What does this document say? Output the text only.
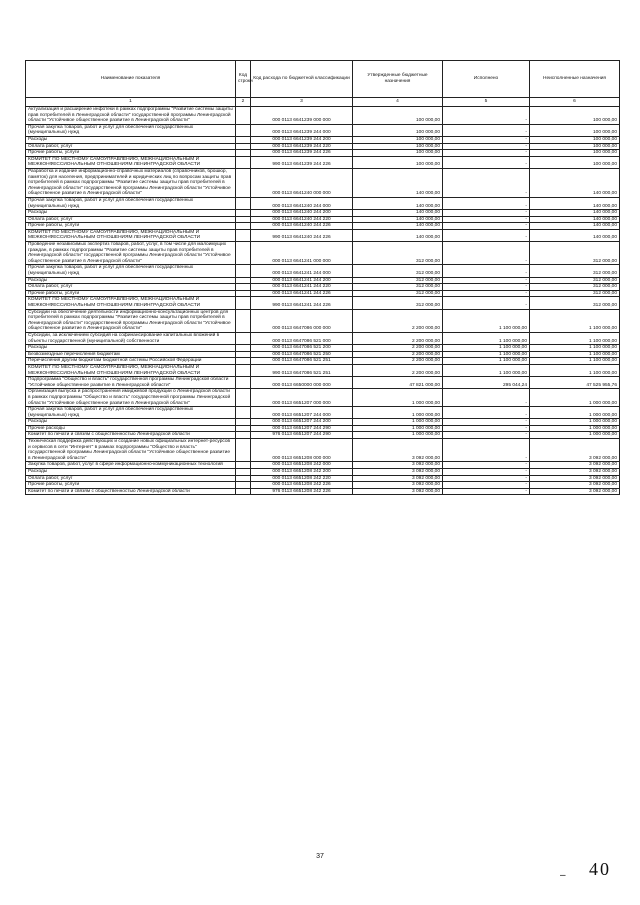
Наименование показателя	Код строки	Код расхода по бюджетной классификации	Утвержденные бюджетные назначения	Исполнено	Неисполненные назначения
1	2	3	4	5	6
Актуализация и расширение инфотеки в рамках подпрограммы "Развитие системы защиты прав потребителей в Ленинградской области" государственной программы Ленинградской области "Устойчивое общественное развитие в Ленинградской области"		000 0113 6641239 000 000	100 000,00	-	100 000,00
Прочая закупка товаров, работ и услуг для обеспечения государственных (муниципальных) нужд		000 0113 6641239 244 000	100 000,00	-	100 000,00
Расходы		000 0113 6641239 244 200	100 000,00	-	100 000,00
Оплата работ, услуг		000 0113 6641239 244 220	100 000,00	-	100 000,00
Прочие работы, услуги		000 0113 6641239 244 226	100 000,00	-	100 000,00
КОМИТЕТ ПО МЕСТНОМУ САМОУПРАВЛЕНИЮ, МЕЖНАЦИОНАЛЬНЫМ И МЕЖКОНФЕССИОНАЛЬНЫМ ОТНОШЕНИЯМ ЛЕНИНГРАДСКОЙ ОБЛАСТИ		990 0113 6641239 244 226	100 000,00	-	100 000,00
Разработка и издание информационно-справочных материалов (справочников, брошюр, памяток) для населения, предпринимателей и юридических лиц по вопросам защиты прав потребителей в рамках подпрограммы "Развитие системы защиты прав потребителей в Ленинградской области" государственной программы Ленинградской области "Устойчивое общественное развитие в Ленинградской области"		000 0113 6641240 000 000	140 000,00	-	140 000,00
Прочая закупка товаров, работ и услуг для обеспечения государственных (муниципальных) нужд		000 0113 6641240 244 000	140 000,00	-	140 000,00
Расходы		000 0113 6641240 244 200	140 000,00	-	140 000,00
Оплата работ, услуг		000 0113 6641240 244 220	140 000,00	-	140 000,00
Прочие работы, услуги		000 0113 6641240 244 226	140 000,00	-	140 000,00
КОМИТЕТ ПО МЕСТНОМУ САМОУПРАВЛЕНИЮ, МЕЖНАЦИОНАЛЬНЫМ И МЕЖКОНФЕССИОНАЛЬНЫМ ОТНОШЕНИЯМ ЛЕНИНГРАДСКОЙ ОБЛАСТИ		990 0113 6641240 244 226	140 000,00	-	140 000,00
Проведение независимых экспертиз товаров, работ, услуг, в том числе для малоимущих граждан, в рамках подпрограммы "Развитие системы защиты прав потребителей в Ленинградской области" государственной программы Ленинградской области "Устойчивое общественное развитие в Ленинградской области"		000 0113 6641241 000 000	312 000,00	-	312 000,00
Прочая закупка товаров, работ и услуг для обеспечения государственных (муниципальных) нужд		000 0113 6641241 244 000	312 000,00	-	312 000,00
Расходы		000 0113 6641241 244 200	312 000,00	-	312 000,00
Оплата работ, услуг		000 0113 6641241 244 220	312 000,00	-	312 000,00
Прочие работы, услуги		000 0113 6641241 244 226	312 000,00	-	312 000,00
КОМИТЕТ ПО МЕСТНОМУ САМОУПРАВЛЕНИЮ, МЕЖНАЦИОНАЛЬНЫМ И МЕЖКОНФЕССИОНАЛЬНЫМ ОТНОШЕНИЯМ ЛЕНИНГРАДСКОЙ ОБЛАСТИ		990 0113 6641241 244 226	312 000,00	-	312 000,00
Субсидии на обеспечение деятельности информационно-консультационных центров для потребителей в рамках подпрограммы "Развитие системы защиты прав потребителей в Ленинградской области" государственной программы Ленинградской области "Устойчивое общественное развитие в Ленинградской области"		000 0113 6647086 000 000	2 200 000,00	1 100 000,00	1 100 000,00
Субсидии, за исключением субсидий на софинансирование капитальных вложений в объекты государственной (муниципальной) собственности		000 0113 6647086 521 000	2 200 000,00	1 100 000,00	1 100 000,00
Расходы		000 0113 6647086 521 200	2 200 000,00	1 100 000,00	1 100 000,00
Безвозмездные перечисления бюджетам		000 0113 6647086 521 250	2 200 000,00	1 100 000,00	1 100 000,00
Перечисления другим бюджетам бюджетной системы Российской Федерации		000 0113 6647086 521 251	2 200 000,00	1 100 000,00	1 100 000,00
КОМИТЕТ ПО МЕСТНОМУ САМОУПРАВЛЕНИЮ, МЕЖНАЦИОНАЛЬНЫМ И МЕЖКОНФЕССИОНАЛЬНЫМ ОТНОШЕНИЯМ ЛЕНИНГРАДСКОЙ ОБЛАСТИ		990 0113 6647086 521 251	2 200 000,00	1 100 000,00	1 100 000,00
Подпрограмма "Общество и власть" государственной программы Ленинградской области "Устойчивое общественное развитие в Ленинградской области"		000 0113 6650000 000 000	47 821 000,00	295 044,24	47 525 955,76
Организация выпуска и распространения имиджевой продукции о Ленинградской области в рамках подпрограммы "Общество и власть" государственной программы Ленинградской области "Устойчивое общественное развитие в Ленинградской области"		000 0113 6651207 000 000	1 000 000,00	-	1 000 000,00
Прочая закупка товаров, работ и услуг для обеспечения государственных (муниципальных) нужд		000 0113 6651207 244 000	1 000 000,00	-	1 000 000,00
Расходы		000 0113 6651207 244 200	1 000 000,00	-	1 000 000,00
Прочие расходы		000 0113 6651207 244 290	1 000 000,00	-	1 000 000,00
Комитет по печати и связям с общественностью Ленинградской области		976 0113 6651207 244 290	1 000 000,00	-	1 000 000,00
Техническая поддержка действующих и создание новых официальных интернет-ресурсов и сервисов в сети "Интернет" в рамках подпрограммы "Общество и власть" государственной программы Ленинградской области "Устойчивое общественное развитие в Ленинградской области"		000 0113 6651208 000 000	3 092 000,00	-	3 092 000,00
Закупка товаров, работ, услуг в сфере информационно-коммуникационных технологий		000 0113 6651208 242 000	3 092 000,00	-	3 092 000,00
Расходы		000 0113 6651208 242 200	3 092 000,00	-	3 092 000,00
Оплата работ, услуг		000 0113 6651208 242 220	3 092 000,00	-	3 092 000,00
Прочие работы, услуги		000 0113 6651208 242 226	3 092 000,00	-	3 092 000,00
Комитет по печати и связям с общественностью Ленинградской области		976 0113 6651208 242 226	3 092 000,00	-	3 092 000,00
37
– 40
